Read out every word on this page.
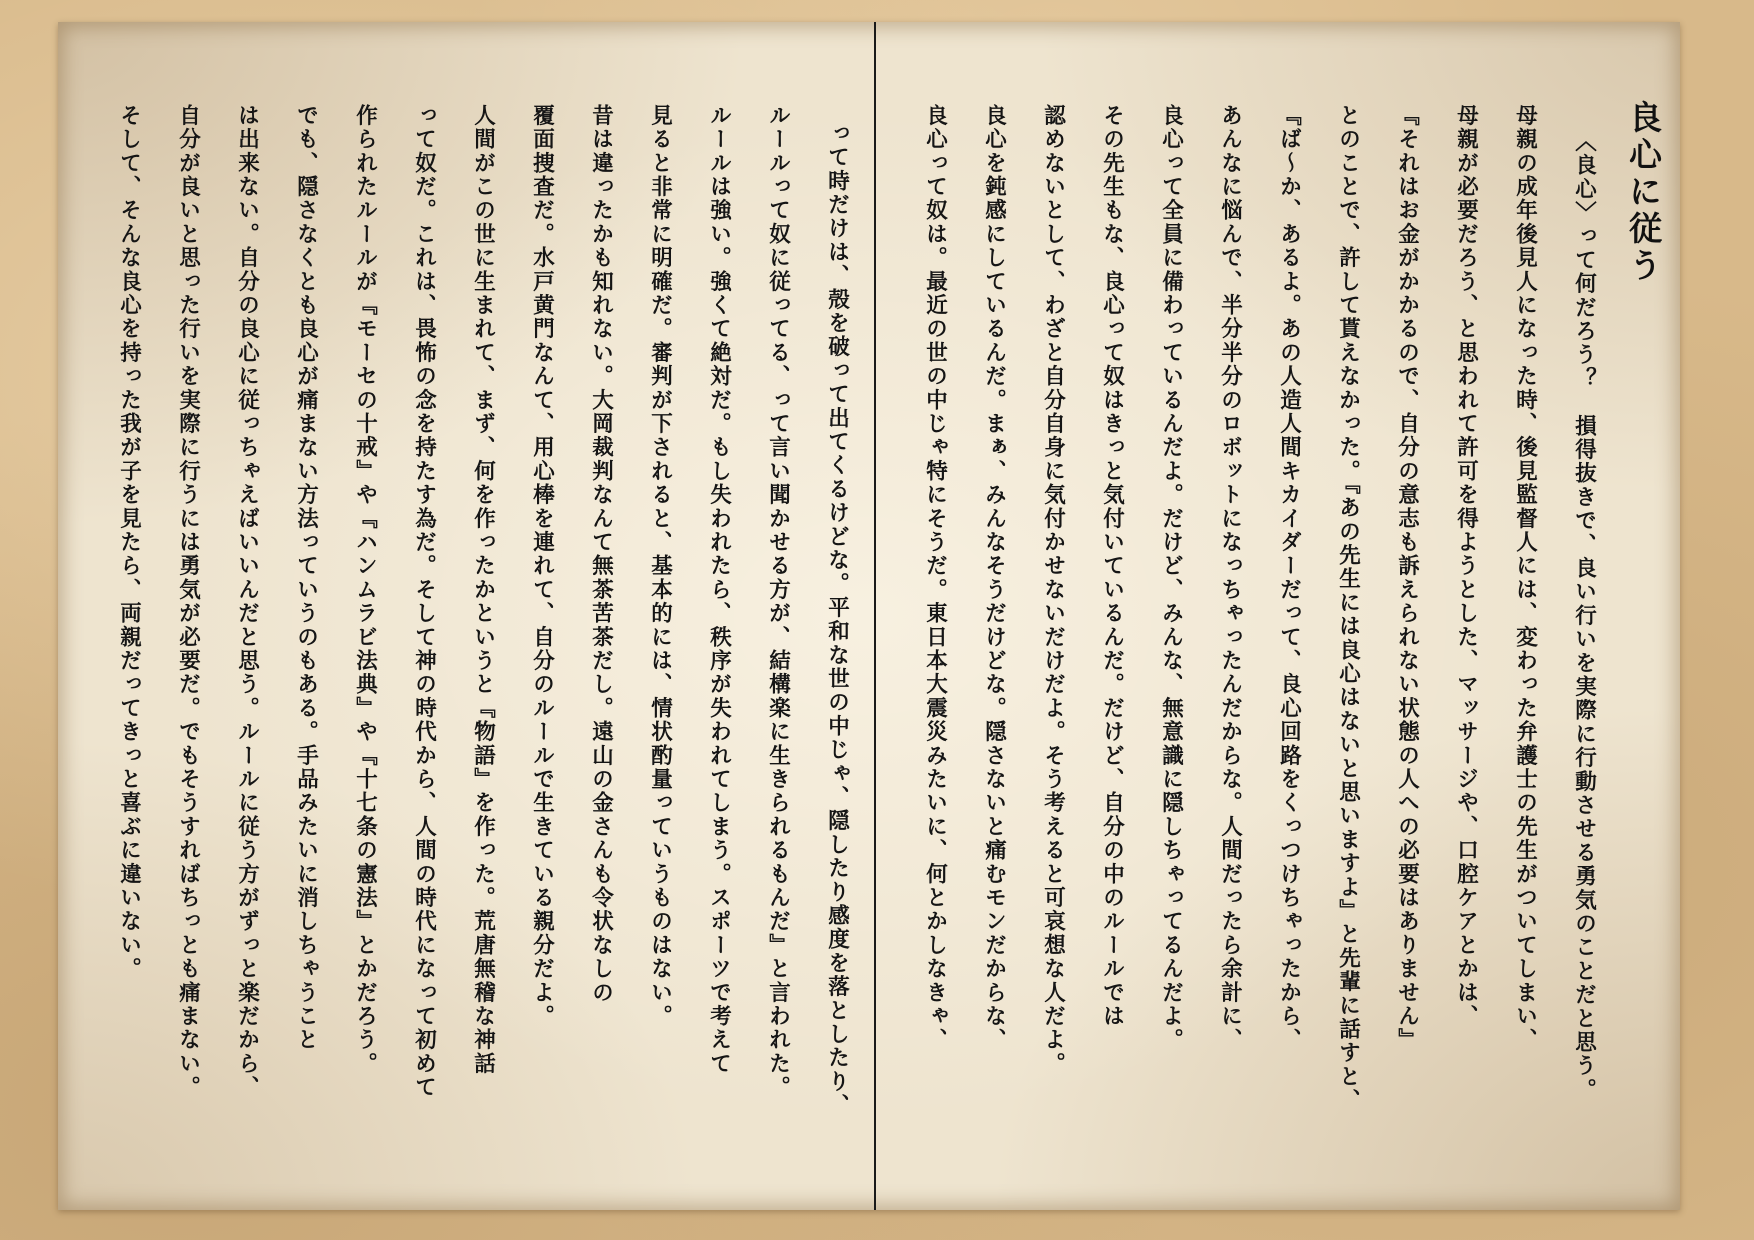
良心に従う
〈良心〉って何だろう？　損得抜きで、良い行いを実際に行動させる勇気のことだと思う。
母親の成年後見人になった時、後見監督人には、変わった弁護士の先生がついてしまい、
母親が必要だろう、と思われて許可を得ようとした、マッサージや、口腔ケアとかは、
『それはお金がかかるので、自分の意志も訴えられない状態の人への必要はありません』
とのことで、許して貰えなかった。『あの先生には良心はないと思いますよ』と先輩に話すと、
『ば〜か、あるよ。あの人造人間キカイダーだって、良心回路をくっつけちゃったから、
あんなに悩んで、半分半分のロボットになっちゃったんだからな。人間だったら余計に、
良心って全員に備わっているんだよ。だけど、みんな、無意識に隠しちゃってるんだよ。
その先生もな、良心って奴はきっと気付いているんだ。だけど、自分の中のルールでは
認めないとして、わざと自分自身に気付かせないだけだよ。そう考えると可哀想な人だよ。
良心を鈍感にしているんだ。まぁ、みんなそうだけどな。隠さないと痛むモンだからな、
良心って奴は。最近の世の中じゃ特にそうだ。東日本大震災みたいに、何とかしなきゃ、
って時だけは、殻を破って出てくるけどな。平和な世の中じゃ、隠したり感度を落としたり、
ルールって奴に従ってる、って言い聞かせる方が、結構楽に生きられるもんだ』と言われた。
ルールは強い。強くて絶対だ。もし失われたら、秩序が失われてしまう。スポーツで考えて
見ると非常に明確だ。審判が下されると、基本的には、情状酌量っていうものはない。
昔は違ったかも知れない。大岡裁判なんて無茶苦茶だし。遠山の金さんも令状なしの
覆面捜査だ。水戸黄門なんて、用心棒を連れて、自分のルールで生きている親分だよ。
人間がこの世に生まれて、まず、何を作ったかというと『物語』を作った。荒唐無稽な神話
って奴だ。これは、畏怖の念を持たす為だ。そして神の時代から、人間の時代になって初めて
作られたルールが『モーセの十戒』や『ハンムラビ法典』や『十七条の憲法』とかだろう。
でも、隠さなくとも良心が痛まない方法っていうのもある。手品みたいに消しちゃうこと
は出来ない。自分の良心に従っちゃえばいいんだと思う。ルールに従う方がずっと楽だから、
自分が良いと思った行いを実際に行うには勇気が必要だ。でもそうすればちっとも痛まない。
そして、そんな良心を持った我が子を見たら、両親だってきっと喜ぶに違いない。
